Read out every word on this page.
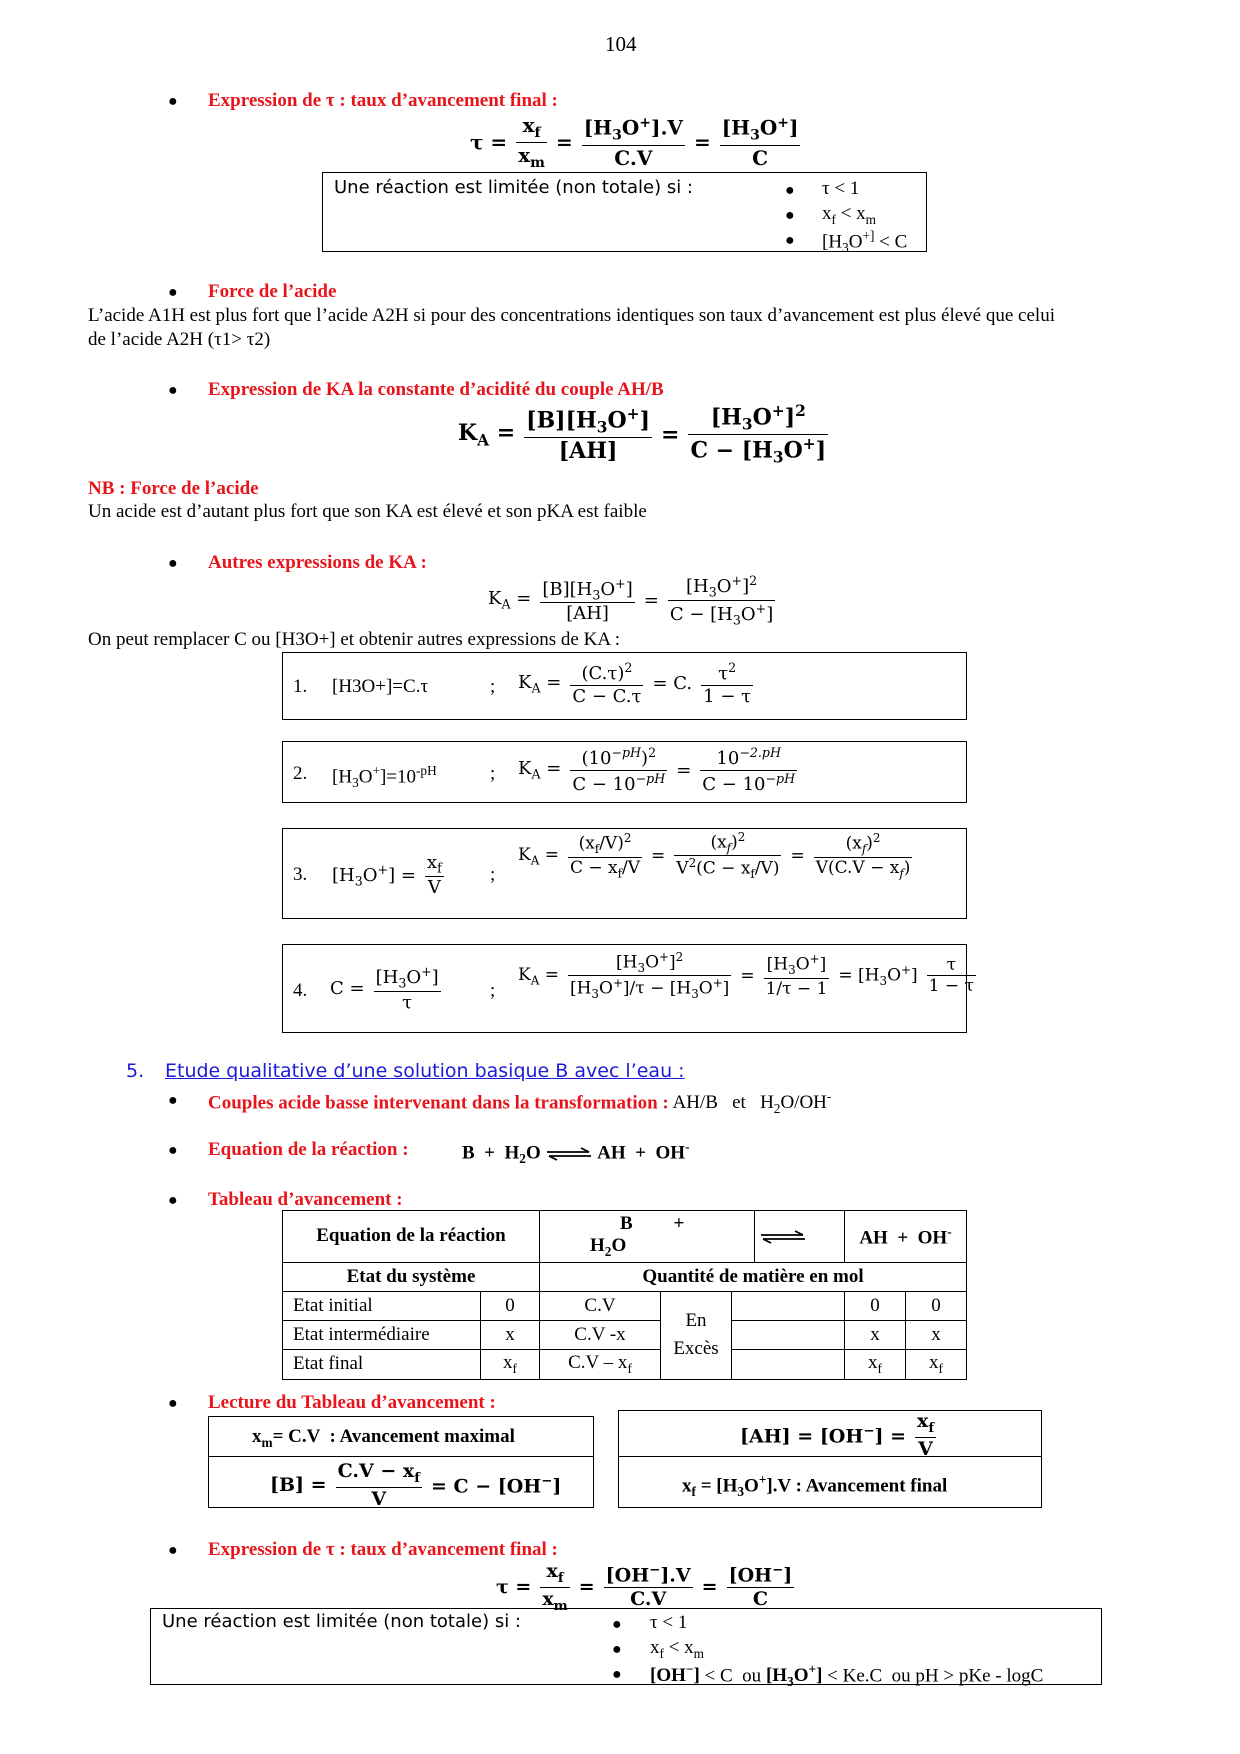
104
● Expression de τ : taux d’avancement final :
$\tau = \frac{x_f}{x_m} = \frac{[H_3O^+].V}{C.V} = \frac{[H_3O^+]}{C}$
Une réaction est limitée (non totale) si :	● τ < 1
● $x_f < x_m$
● [$H_3O^{+]} < C$
● Force de l’acide
L’acide A1H est plus fort que l’acide A2H si pour des concentrations identiques son taux d’avancement est plus élevé que celui
de l’acide A2H (τ1> τ2)
● Expression de KA la constante d’acidité du couple AH/B
$K_A = \frac{[B][H_3O^+]}{[AH]} = \frac{[H_3O^+]^2}{C - [H_3O^+]}$
NB : Force de l’acide
Un acide est d’autant plus fort que son KA est élevé et son pKA est faible
● Autres expressions de KA :
$K_A = \frac{[B][H_3O^+]}{[AH]} = \frac{[H_3O^+]^2}{C - [H_3O^+]}$
On peut remplacer C ou [H3O+] et obtenir autres expressions de KA :
1. [H3O+]=C.τ	; $K_A = \frac{(C.\tau)^2}{C - C.\tau} = C$. $\frac{\tau^2}{1 - \tau}$
2. $[H_3O^+]=10^{-pH}$	; $K_A = \frac{(10^{-pH})^2}{C - 10^{-pH}} = \frac{10^{-2.pH}}{C - 10^{-pH}}$
3. $[H_3O^+] = \frac{x_f}{V}$ ;
$K_A = \frac{(x_f/V)^2}{C - x_f/V} = \frac{(x_f)^2}{V^2(C - x_f/V)} = \frac{(x_f)^2}{V(C.V - x_f)}$
4. $C = \frac{[H_3O^+]}{\tau}$	;
$K_A = \frac{[H_3O^+]^2}{[H_3O^+]/\tau - [H_3O^+]} = \frac{[H_3O^+]}{1/\tau - 1} = [H_3O^+] \frac{\tau}{1 - \tau}$
5. Etude qualitative d’une solution basique B avec l’eau :
● Couples acide basse intervenant dans la transformation : AH/B   et   $H_2O/OH^-$
● Equation de la réaction :	$B + H_2O$ ⇌ AH  +  OH-
● Tableau d’avancement :
Equation de la réaction		$B + H_2O$				AH  +  OH-
Etat du système		Quantité de matière en mol					
Etat initial	0	C.V	En Excès			0	0
Etat intermédiaire	x	C.V -x				x	x
Etat final	$x_f$	$C.V - x_f$				$x_f$	$x_f$
● Lecture du Tableau d’avancement :
$x_m= C.V$  : Avancement maximal
$[B] = \frac{C.V - x_f}{V} = C - [OH^-]$
$[AH] = [OH^-] = \frac{x_f}{V}$
$x_f = [H_3O^+].V$ : Avancement final
● Expression de τ : taux d’avancement final :
$\tau = \frac{x_f}{x_m} = \frac{[OH^-].V}{C.V} = \frac{[OH^-]}{C}$
Une réaction est limitée (non totale) si :	● τ < 1
● $x_f < x_m$
● [OH−] < C  ou $[H_3O^+] < Ke.C$  ou pH > pKe - logC
